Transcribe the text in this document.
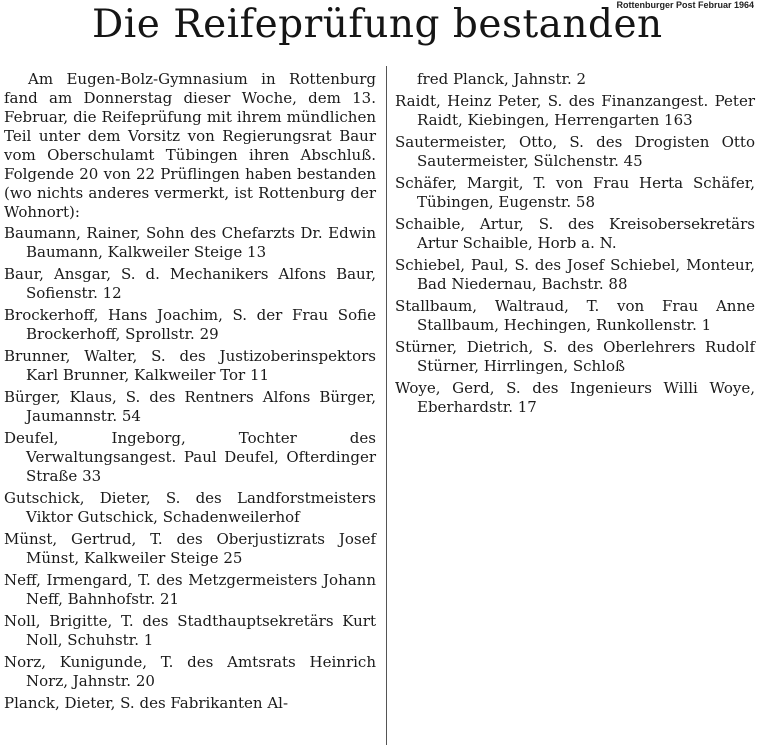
Die Reifeprüfung bestanden
Rottenburger Post Februar 1964

Am Eugen-Bolz-Gymnasium in Rottenburg fand am Donnerstag dieser Woche, dem 13. Februar, die Reifeprüfung mit ihrem mündlichen Teil unter dem Vorsitz von Regierungsrat Baur vom Oberschulamt Tübingen ihren Abschluß. Folgende 20 von 22 Prüflingen haben bestanden (wo nichts anderes vermerkt, ist Rottenburg der Wohnort):

Baumann, Rainer, Sohn des Chefarzts Dr. Edwin Baumann, Kalkweiler Steige 13

Baur, Ansgar, S. d. Mechanikers Alfons Baur, Sofienstr. 12

Brockerhoff, Hans Joachim, S. der Frau Sofie Brockerhoff, Sprollstr. 29

Brunner, Walter, S. des Justizoberinspektors Karl Brunner, Kalkweiler Tor 11

Bürger, Klaus, S. des Rentners Alfons Bürger, Jaumannstr. 54

Deufel, Ingeborg, Tochter des Verwaltungsangest. Paul Deufel, Ofterdinger Straße 33

Gutschick, Dieter, S. des Landforstmeisters Viktor Gutschick, Schadenweilerhof

Münst, Gertrud, T. des Oberjustizrats Josef Münst, Kalkweiler Steige 25

Neff, Irmengard, T. des Metzgermeisters Johann Neff, Bahnhofstr. 21

Noll, Brigitte, T. des Stadthauptsekretärs Kurt Noll, Schuhstr. 1

Norz, Kunigunde, T. des Amtsrats Heinrich Norz, Jahnstr. 20

Planck, Dieter, S. des Fabrikanten Al-

fred Planck, Jahnstr. 2

Raidt, Heinz Peter, S. des Finanzangest. Peter Raidt, Kiebingen, Herrengarten 163

Sautermeister, Otto, S. des Drogisten Otto Sautermeister, Sülchenstr. 45

Schäfer, Margit, T. von Frau Herta Schäfer, Tübingen, Eugenstr. 58

Schaible, Artur, S. des Kreisobersekretärs Artur Schaible, Horb a. N.

Schiebel, Paul, S. des Josef Schiebel, Monteur, Bad Niedernau, Bachstr. 88

Stallbaum, Waltraud, T. von Frau Anne Stallbaum, Hechingen, Runkollenstr. 1

Stürner, Dietrich, S. des Oberlehrers Rudolf Stürner, Hirrlingen, Schloß

Woye, Gerd, S. des Ingenieurs Willi Woye, Eberhardstr. 17
